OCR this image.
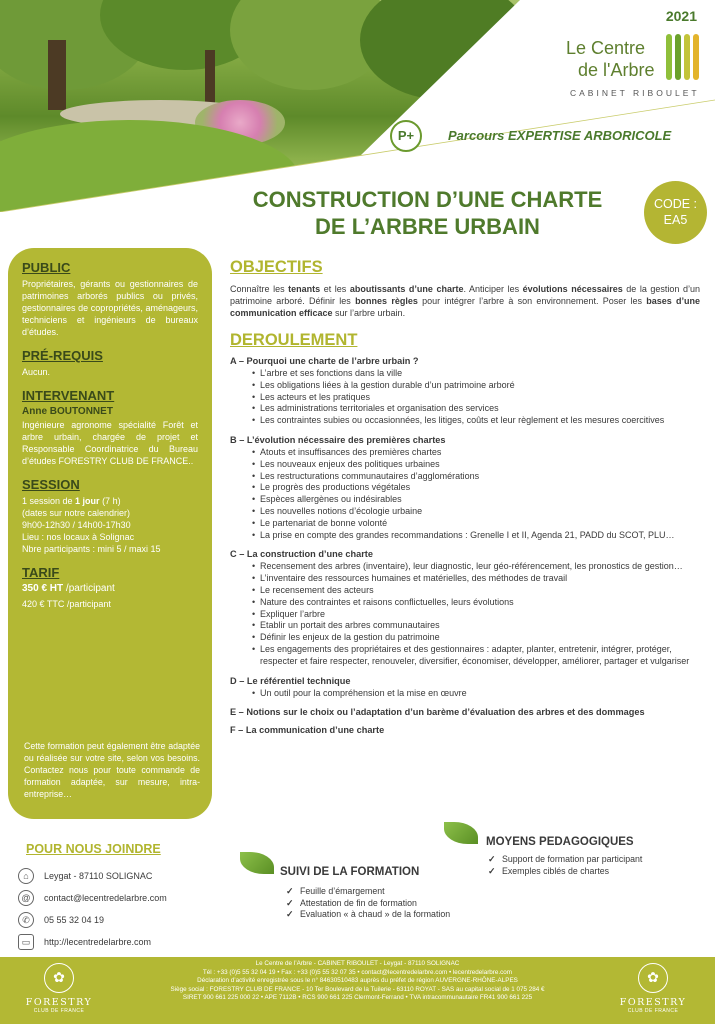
2021
Le Centre
de l'Arbre
CABINET RIBOULET
P+	Parcours EXPERTISE ARBORICOLE
CONSTRUCTION D’UNE CHARTE
DE L’ARBRE URBAIN
CODE :
EA5
PUBLIC
Propriétaires, gérants ou gestionnaires de patrimoines arborés publics ou privés, gestionnaires de copropriétés, aménageurs, techniciens et ingénieurs de bureaux d’études.
PRÉ-REQUIS
Aucun.
INTERVENANT
Anne BOUTONNET
Ingénieure agronome spécialité Forêt et arbre urbain, chargée de projet et Responsable Coordinatrice du Bureau d’études FORESTRY CLUB DE FRANCE..
SESSION
1 session de 1 jour (7 h)
(dates sur notre calendrier)
9h00-12h30 / 14h00-17h30
Lieu : nos locaux à Solignac
Nbre participants : mini 5 / maxi 15
TARIF
350 € HT /participant
420 € TTC /participant
Cette formation peut également être adaptée ou réalisée sur votre site, selon vos besoins. Contactez nous pour toute commande de formation adaptée, sur mesure, intra-entreprise…
OBJECTIFS
Connaître les tenants et les aboutissants d’une charte. Anticiper les évolutions nécessaires de la gestion d’un patrimoine arboré. Définir les bonnes règles pour intégrer l’arbre à son environnement. Poser les bases d’une communication efficace sur l’arbre urbain.
DEROULEMENT
A – Pourquoi une charte de l’arbre urbain ?
• L’arbre et ses fonctions dans la ville
• Les obligations liées à la gestion durable d’un patrimoine arboré
• Les acteurs et les pratiques
• Les administrations territoriales et organisation des services
• Les contraintes subies ou occasionnées, les litiges, coûts et leur règlement et les mesures coercitives
B – L’évolution nécessaire des premières chartes
• Atouts et insuffisances des premières chartes
• Les nouveaux enjeux des politiques urbaines
• Les restructurations communautaires d’agglomérations
• Le progrès des productions végétales
• Espèces allergènes ou indésirables
• Les nouvelles notions d’écologie urbaine
• Le partenariat de bonne volonté
• La prise en compte des grandes recommandations : Grenelle I et II, Agenda 21, PADD du SCOT, PLU…
C – La construction d’une charte
• Recensement des arbres (inventaire), leur diagnostic, leur géo-référencement, les pronostics de gestion…
• L’inventaire des ressources humaines et matérielles, des méthodes de travail
• Le recensement des acteurs
• Nature des contraintes et raisons conflictuelles, leurs évolutions
• Expliquer l’arbre
• Etablir un portait des arbres communautaires
• Définir les enjeux de la gestion du patrimoine
• Les engagements des propriétaires et des gestionnaires : adapter, planter, entretenir, intégrer, protéger, respecter et faire respecter, renouveler, diversifier, économiser, développer, améliorer, partager et vulgariser
D – Le référentiel technique
• Un outil pour la compréhension et la mise en œuvre
E – Notions sur le choix ou l’adaptation d’un barème d’évaluation des arbres et des dommages
F – La communication d’une charte
POUR NOUS JOINDRE
⌂	Leygat - 87110 SOLIGNAC
@	contact@lecentredelarbre.com
✆	05 55 32 04 19
▭	http://lecentredelarbre.com
SUIVI DE LA FORMATION
✓ Feuille d’émargement
✓ Attestation de fin de formation
✓ Evaluation « à chaud » de la formation
MOYENS PEDAGOGIQUES
✓ Support de formation par participant
✓ Exemples ciblés de chartes
✿
FORESTRY
CLUB DE FRANCE
Le Centre de l’Arbre - CABINET RIBOULET - Leygat - 87110 SOLIGNAC
Tél : +33 (0)5 55 32 04 19 • Fax : +33 (0)5 55 32 07 35 • contact@lecentredelarbre.com • lecentredelarbre.com
Déclaration d’activité enregistrée sous le n° 84630510483 auprès du préfet de région AUVERGNE-RHÔNE-ALPES
Siège social : FORESTRY CLUB DE FRANCE - 10 Ter Boulevard de la Tuilerie - 63110 ROYAT - SAS au capital social de 1 075 284 €
SIRET 900 661 225 000 22 • APE 7112B • RCS 900 661 225 Clermont-Ferrand • TVA intracommunautaire FR41 900 661 225
✿
FORESTRY
CLUB DE FRANCE
